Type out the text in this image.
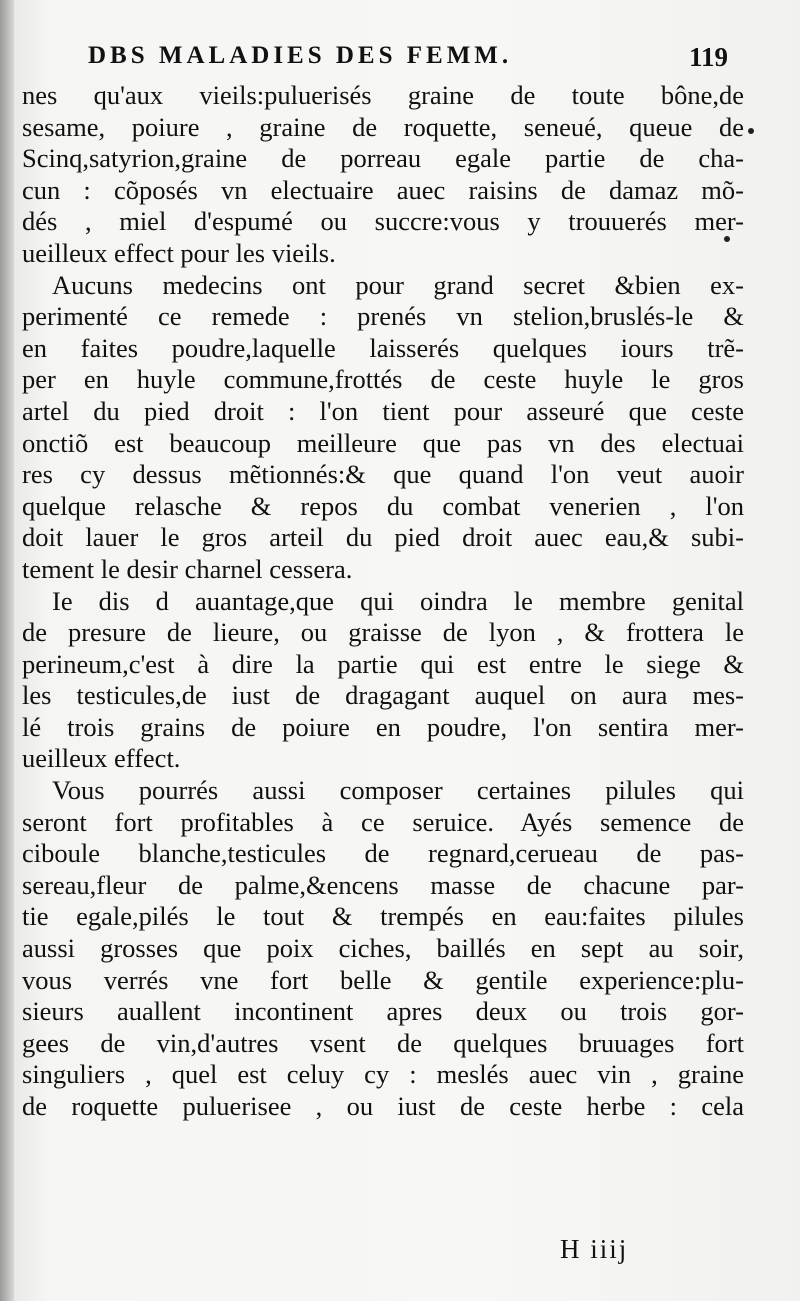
DBS MALADIES DES FEMM.	119
nes qu'aux vieils:puluerisés graine de toute bône,de
sesame, poiure , graine de roquette, seneué, queue de
Scinq,satyrion,graine de porreau egale partie de cha-
cun : cõposés vn electuaire auec raisins de damaz mõ-
dés , miel d'espumé ou succre:vous y trouuerés mer-
ueilleux effect pour les vieils.
Aucuns medecins ont pour grand secret &bien ex-
perimenté ce remede : prenés vn stelion,bruslés-le &
en faites poudre,laquelle laisserés quelques iours trẽ-
per en huyle commune,frottés de ceste huyle le gros
artel du pied droit : l'on tient pour asseuré que ceste
onctiõ est beaucoup meilleure que pas vn des electuai
res cy dessus mẽtionnés:& que quand l'on veut auoir
quelque relasche & repos du combat venerien , l'on
doit lauer le gros arteil du pied droit auec eau,& subi-
tement le desir charnel cessera.
Ie dis d auantage,que qui oindra le membre genital
de presure de lieure, ou graisse de lyon , & frottera le
perineum,c'est à dire la partie qui est entre le siege &
les testicules,de iust de dragagant auquel on aura mes-
lé trois grains de poiure en poudre, l'on sentira mer-
ueilleux effect.
Vous pourrés aussi composer certaines pilules qui
seront fort profitables à ce seruice. Ayés semence de
ciboule blanche,testicules de regnard,cerueau de pas-
sereau,fleur de palme,&encens masse de chacune par-
tie egale,pilés le tout & trempés en eau:faites pilules
aussi grosses que poix ciches, baillés en sept au soir,
vous verrés vne fort belle & gentile experience:plu-
sieurs auallent incontinent apres deux ou trois gor-
gees de vin,d'autres vsent de quelques bruuages fort
singuliers , quel est celuy cy : meslés auec vin , graine
de roquette puluerisee , ou iust de ceste herbe : cela
H iiij
